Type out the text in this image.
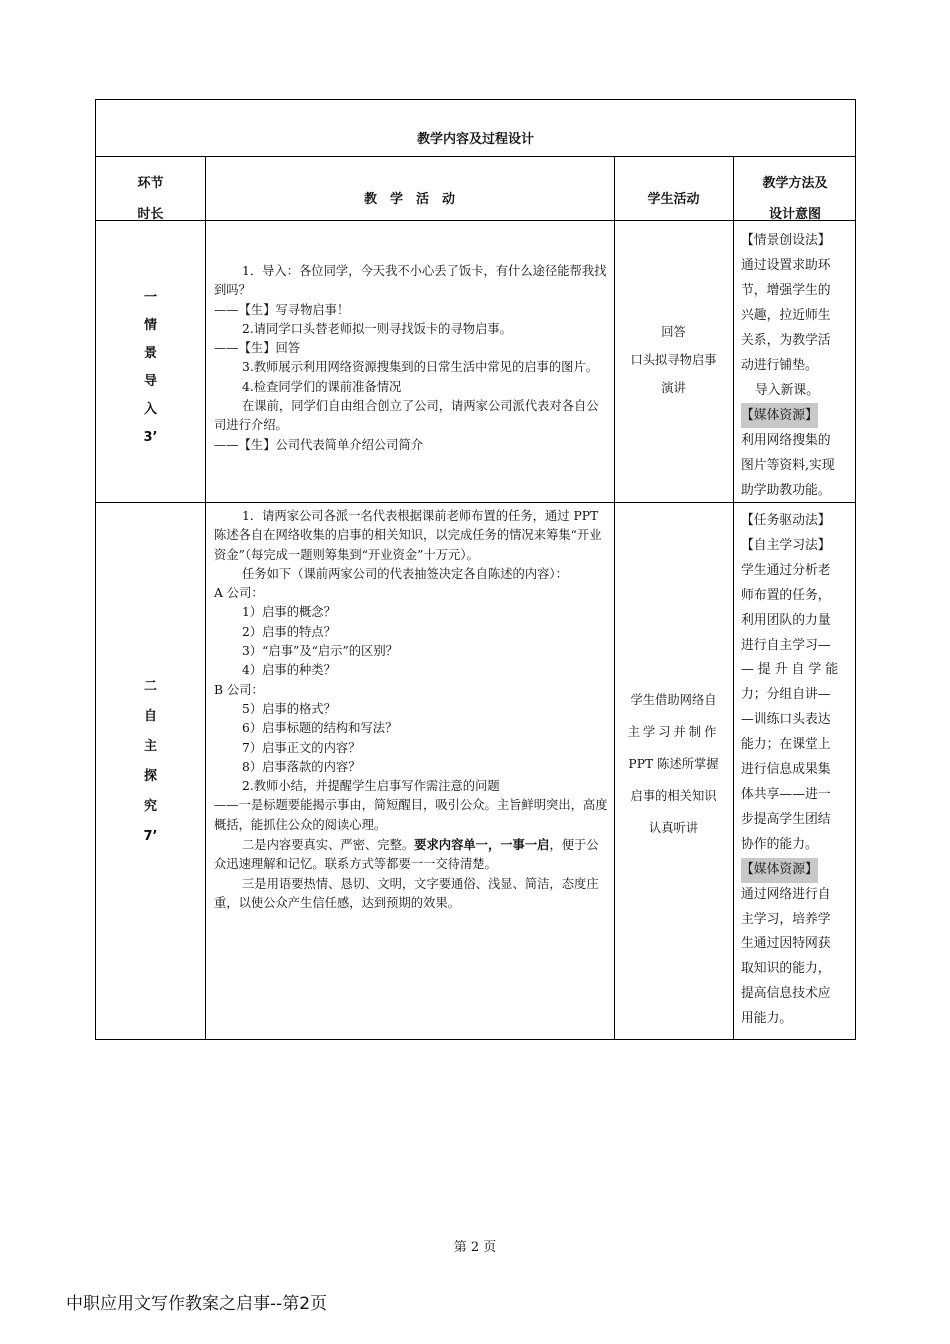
教学内容及过程设计
环节
时长
教　学　活　动	学生活动
教学方法及
设计意图
一
情
景
导
入
3’

1．导入：各位同学，今天我不小心丢了饭卡，有什么途径能帮我找到吗？

——【生】写寻物启事！

2.请同学口头替老师拟一则寻找饭卡的寻物启事。

——【生】回答

3.教师展示利用网络资源搜集到的日常生活中常见的启事的图片。

4.检查同学们的课前准备情况

在课前，同学们自由组合创立了公司，请两家公司派代表对各自公司进行介绍。

——【生】公司代表简单介绍公司简介

回答
口头拟寻物启事
演讲
【情景创设法】
通过设置求助环
节，增强学生的
兴趣，拉近师生
关系，为教学活
动进行铺垫。
导入新课。
【媒体资源】
利用网络搜集的
图片等资料,实现
助学助教功能。
二
自
主
探
究
7’

1．请两家公司各派一名代表根据课前老师布置的任务，通过 PPT 陈述各自在网络收集的启事的相关知识，以完成任务的情况来筹集“开业资金”（每完成一题则筹集到“开业资金”十万元）。

任务如下（课前两家公司的代表抽签决定各自陈述的内容）：

A 公司：

1）启事的概念？

2）启事的特点？

3）“启事”及“启示”的区别？

4）启事的种类？

B 公司：

5）启事的格式？

6）启事标题的结构和写法？

7）启事正文的内容？

8）启事落款的内容？

2.教师小结，并提醒学生启事写作需注意的问题

——一是标题要能揭示事由，简短醒目，吸引公众。主旨鲜明突出，高度概括，能抓住公众的阅读心理。

二是内容要真实、严密、完整。要求内容单一，一事一启，便于公众迅速理解和记忆。联系方式等都要一一交待清楚。

三是用语要热情、恳切、文明，文字要通俗、浅显、简洁，态度庄重，以使公众产生信任感，达到预期的效果。

学生借助网络自
主学习并制作
PPT 陈述所掌握
启事的相关知识
认真听讲
【任务驱动法】
【自主学习法】
学生通过分析老
师布置的任务，
利用团队的力量
进行自主学习—
— 提 升 自 学 能
力；分组自讲—
—训练口头表达
能力；在课堂上
进行信息成果集
体共享——进一
步提高学生团结
协作的能力。
【媒体资源】
通过网络进行自
主学习，培养学
生通过因特网获
取知识的能力，
提高信息技术应
用能力。
第 2 页
中职应用文写作教案之启事--第2页
